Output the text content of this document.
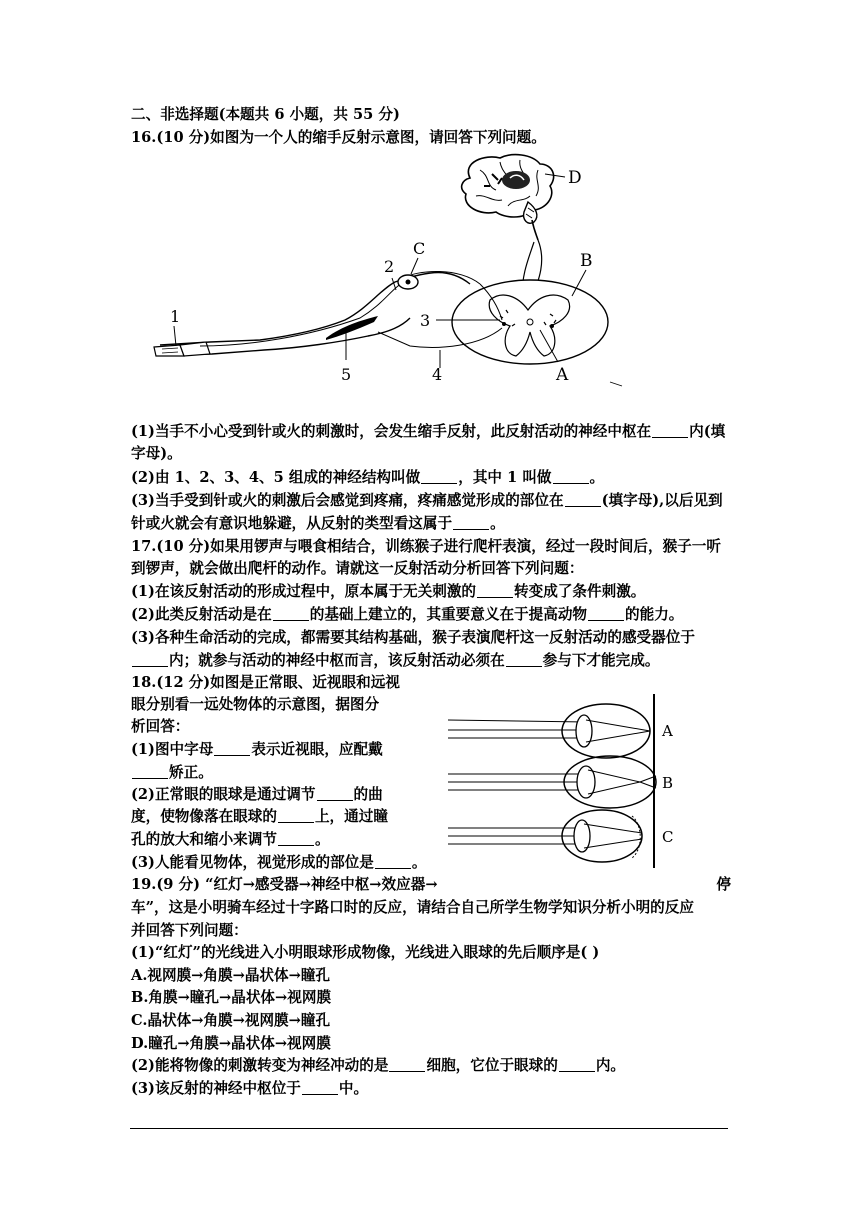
二、非选择题(本题共 6 小题，共 55 分)
16.(10 分)如图为一个人的缩手反射示意图，请回答下列问题。
D
C
2
1	3
5	4
B
A
(1)当手不小心受到针或火的刺激时，会发生缩手反射，此反射活动的神经中枢在	内(填
字母)。
(2)由 1、2、3、4、5 组成的神经结构叫做	，其中 1 叫做	。
(3)当手受到针或火的刺激后会感觉到疼痛，疼痛感觉形成的部位在	(填字母),以后见到
针或火就会有意识地躲避，从反射的类型看这属于	。
17.(10 分)如果用锣声与喂食相结合，训练猴子进行爬杆表演，经过一段时间后，猴子一听
到锣声，就会做出爬杆的动作。请就这一反射活动分析回答下列问题：
(1)在该反射活动的形成过程中，原本属于无关刺激的	转变成了条件刺激。
(2)此类反射活动是在	的基础上建立的，其重要意义在于提高动物	的能力。
(3)各种生命活动的完成，都需要其结构基础，猴子表演爬杆这一反射活动的感受器位于
内；就参与活动的神经中枢而言，该反射活动必须在	参与下才能完成。
18.(12 分)如图是正常眼、近视眼和远视
眼分别看一远处物体的示意图，据图分
析回答：
(1)图中字母	表示近视眼，应配戴
矫正。
(2)正常眼的眼球是通过调节	的曲
度，使物像落在眼球的	上，通过瞳
孔的放大和缩小来调节	。
(3)人能看见物体，视觉形成的部位是	。
A
B
C
19.(9 分) “红灯→感受器→神经中枢→效应器→	停
车”，这是小明骑车经过十字路口时的反应，请结合自己所学生物学知识分析小明的反应
并回答下列问题：
(1)“红灯”的光线进入小明眼球形成物像，光线进入眼球的先后顺序是( )
A.视网膜→角膜→晶状体→瞳孔
B.角膜→瞳孔→晶状体→视网膜
C.晶状体→角膜→视网膜→瞳孔
D.瞳孔→角膜→晶状体→视网膜
(2)能将物像的刺激转变为神经冲动的是	细胞，它位于眼球的	内。
(3)该反射的神经中枢位于	中。
